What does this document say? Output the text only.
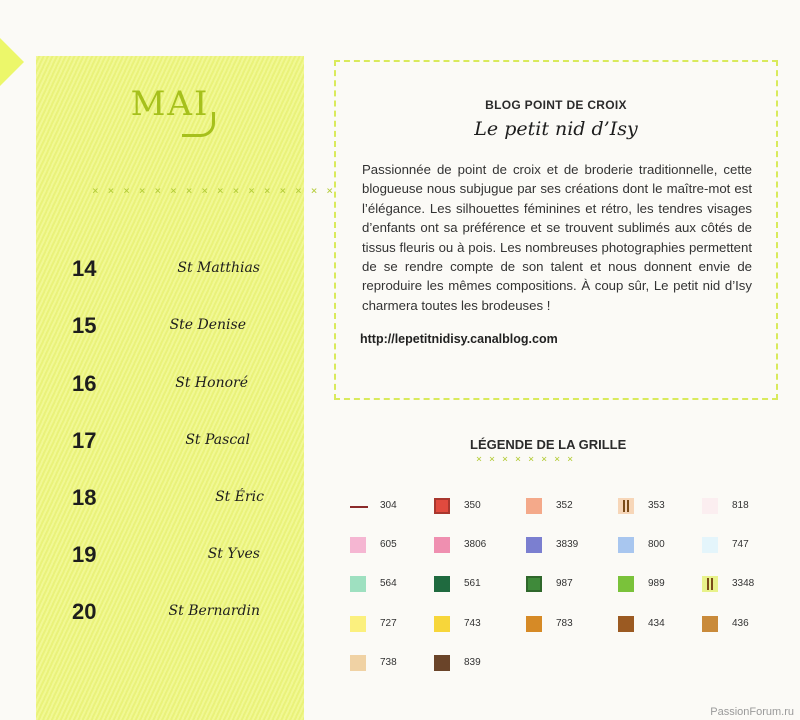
MAI
××××××××××××××××
14	St Matthias
15	Ste Denise
16	St Honoré
17	St Pascal
18	St Éric
19	St Yves
20	St Bernardin
BLOG POINT DE CROIX
Le petit nid d’Isy
Passionnée de point de croix et de broderie traditionnelle, cette blogueuse nous subjugue par ses créations dont le maître-mot est l’élégance. Les silhouettes féminines et rétro, les tendres visages d’enfants ont sa préférence et se trouvent sublimés aux côtés de tissus fleuris ou à pois. Les nombreuses photographies permettent de se rendre compte de son talent et nous donnent envie de reproduire les mêmes compositions. À coup sûr, Le petit nid d’Isy charmera toutes les brodeuses !
http://lepetitnidisy.canalblog.com
LÉGENDE DE LA GRILLE
××××××××
304	350	352	353	818
605	3806	3839	800	747
564	561	987	989	3348
727	743	783	434	436
738	839
PassionForum.ru
